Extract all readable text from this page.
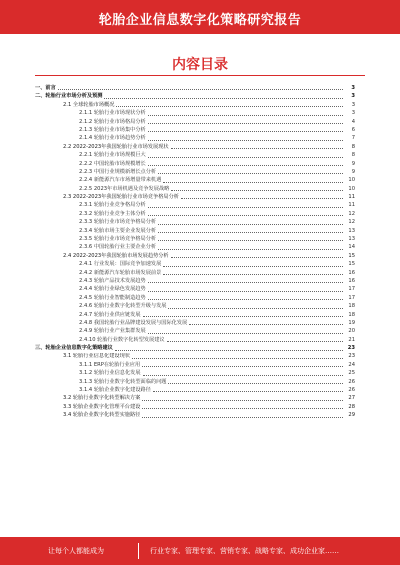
轮胎企业信息数字化策略研究报告
内容目录
一、前言	3
二、轮胎行业市场分析及预测	3
2.1 全球轮胎市场概况	3
2.1.1 轮胎行业市场现状分析	3
2.1.2 轮胎行业市场格局分析	4
2.1.3 轮胎行业市场集中分析	6
2.1.4 轮胎行业市场趋势分析	7
2.2 2022-2023年我国轮胎行业市场发展现状	8
2.2.1 轮胎行业市场规模巨大	8
2.2.2 中国轮胎市场规模增长	9
2.2.3 中国行业规模新增长点分析	9
2.2.4 新能源汽车市场增量带来机遇	10
2.2.5 2023年市场机遇及竞争发展战略	10
2.3 2022-2023年我国轮胎行业市场竞争格局分析	11
2.3.1 轮胎行业竞争格局分析	11
2.3.2 轮胎行业竞争主体分析	12
2.3.3 轮胎行业市场竞争格局分析	12
2.3.4 轮胎市场主要企业发展分析	13
2.3.5 轮胎行业市场竞争格局分析	13
2.3.6 中国轮胎行业主要企业分析	14
2.4 2022-2023年我国轮胎市场发展趋势分析	15
2.4.1 行业发展：国际竞争加速发展	15
2.4.2 新能源汽车轮胎市场发展前景	16
2.4.3 轮胎产品技术发展趋势	16
2.4.4 轮胎行业绿色发展趋势	17
2.4.5 轮胎行业智能制造趋势	17
2.4.6 轮胎行业数字化转型升级与发展	18
2.4.7 轮胎行业供应链发展	18
2.4.8 我国轮胎行业品牌建设发展与国际化发展	19
2.4.9 轮胎行业产业集群发展	20
2.4.10 轮胎行业数字化转型发展建议	21
三、轮胎企业信息数字化策略建议	23
3.1 轮胎行业信息化建设现状	23
3.1.1 ERP在轮胎行业应用	24
3.1.2 轮胎行业信息化发展	25
3.1.3 轮胎行业数字化转型面临的问题	26
3.1.4 轮胎企业数字化建设路径	26
3.2 轮胎行业数字化转型解决方案	27
3.3 轮胎企业数字化管理平台建设	28
3.4 轮胎企业数字化转型实施路径	29
让每个人都能成为	行业专家、管理专家、营销专家、战略专家、成功企业家……
